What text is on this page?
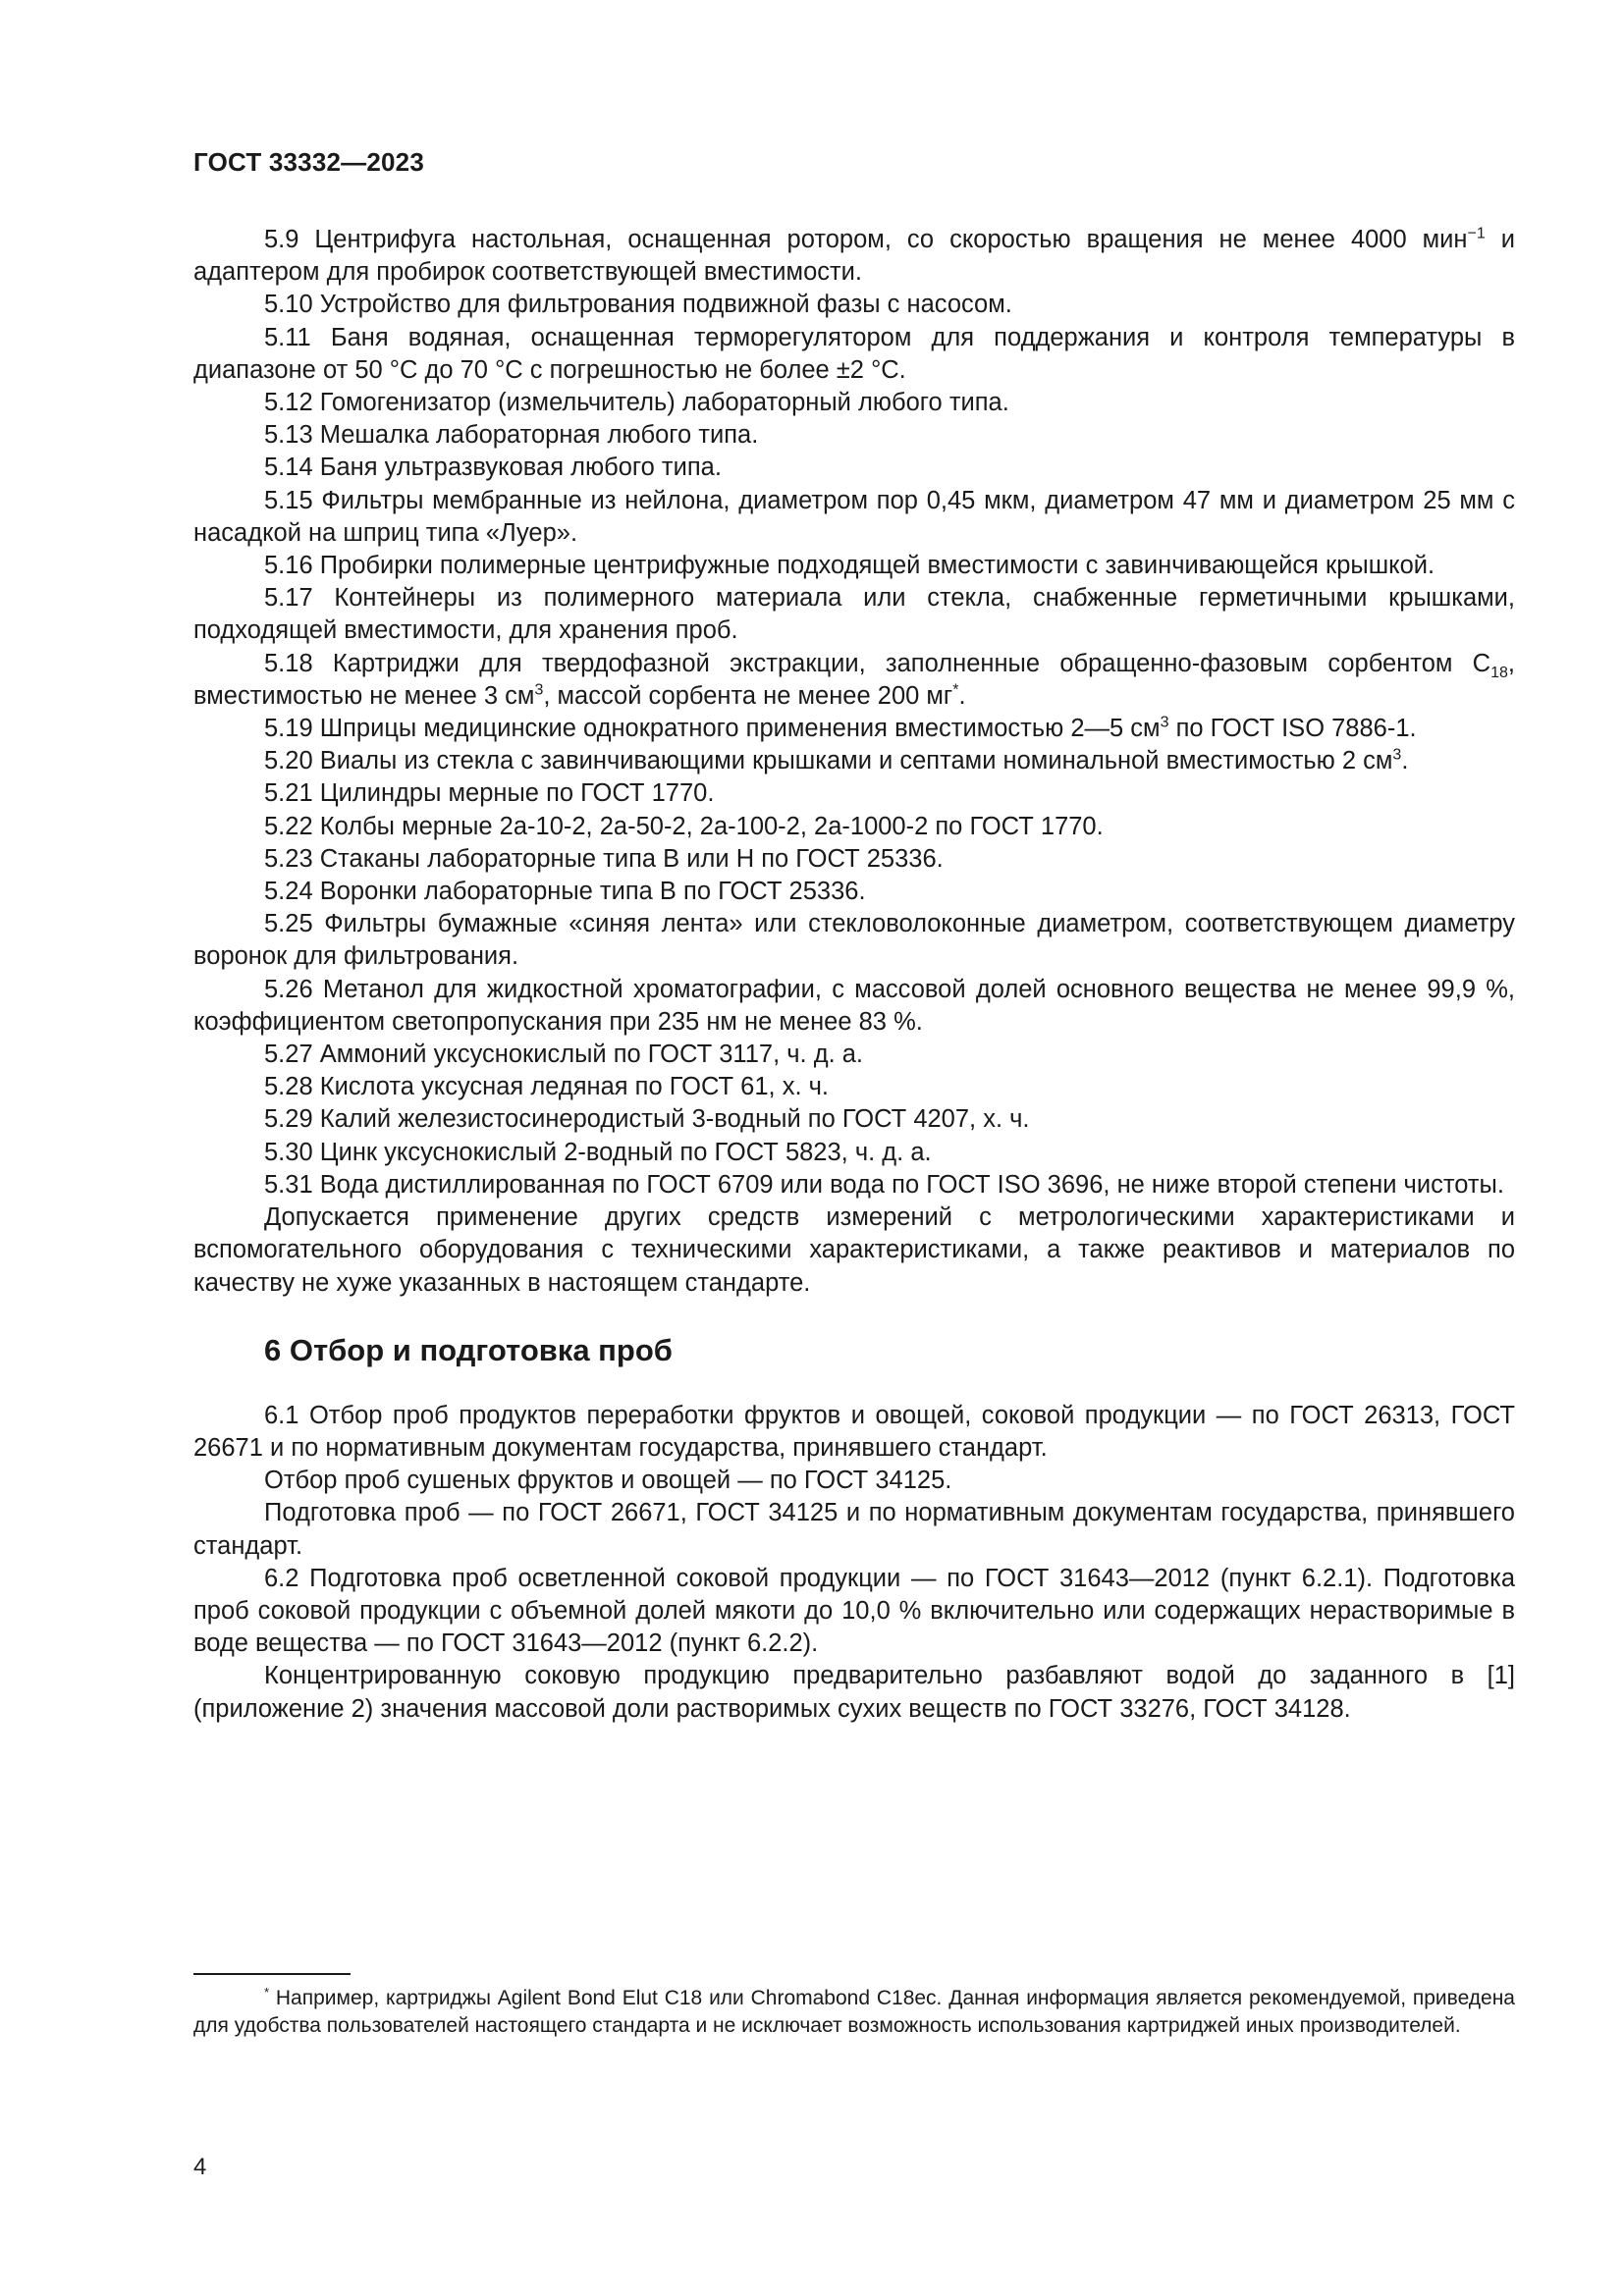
ГОСТ 33332—2023

5.9 Центрифуга настольная, оснащенная ротором, со скоростью вращения не менее 4000 мин$^{-1}$ и адаптером для пробирок соответствующей вместимости.

5.10 Устройство для фильтрования подвижной фазы с насосом.

5.11 Баня водяная, оснащенная терморегулятором для поддержания и контроля температуры в диапазоне от 50 °С до 70 °С с погрешностью не более ±2 °С.

5.12 Гомогенизатор (измельчитель) лабораторный любого типа.

5.13 Мешалка лабораторная любого типа.

5.14 Баня ультразвуковая любого типа.

5.15 Фильтры мембранные из нейлона, диаметром пор 0,45 мкм, диаметром 47 мм и диаметром 25 мм с насадкой на шприц типа «Луер».

5.16 Пробирки полимерные центрифужные подходящей вместимости с завинчивающейся крышкой.

5.17 Контейнеры из полимерного материала или стекла, снабженные герметичными крышками, подходящей вместимости, для хранения проб.

5.18 Картриджи для твердофазной экстракции, заполненные обращенно-фазовым сорбентом $С_{18}$, вместимостью не менее 3 $см^3$, массой сорбента не менее 200 мг*.

5.19 Шприцы медицинские однократного применения вместимостью 2—5 $см^3$ по ГОСТ ISO 7886-1.

5.20 Виалы из стекла с завинчивающими крышками и септами номинальной вместимостью 2 $см^3$.

5.21 Цилиндры мерные по ГОСТ 1770.

5.22 Колбы мерные 2а-10-2, 2а-50-2, 2а-100-2, 2а-1000-2 по ГОСТ 1770.

5.23 Стаканы лабораторные типа В или Н по ГОСТ 25336.

5.24 Воронки лабораторные типа В по ГОСТ 25336.

5.25 Фильтры бумажные «синяя лента» или стекловолоконные диаметром, соответствующем диаметру воронок для фильтрования.

5.26 Метанол для жидкостной хроматографии, с массовой долей основного вещества не менее 99,9 %, коэффициентом светопропускания при 235 нм не менее 83 %.

5.27 Аммоний уксуснокислый по ГОСТ 3117, ч. д. а.

5.28 Кислота уксусная ледяная по ГОСТ 61, х. ч.

5.29 Калий железистосинеродистый 3-водный по ГОСТ 4207, х. ч.

5.30 Цинк уксуснокислый 2-водный по ГОСТ 5823, ч. д. а.

5.31 Вода дистиллированная по ГОСТ 6709 или вода по ГОСТ ISO 3696, не ниже второй степени чистоты.

Допускается применение других средств измерений с метрологическими характеристиками и вспомогательного оборудования с техническими характеристиками, а также реактивов и материалов по качеству не хуже указанных в настоящем стандарте.

6 Отбор и подготовка проб

6.1 Отбор проб продуктов переработки фруктов и овощей, соковой продукции — по ГОСТ 26313, ГОСТ 26671 и по нормативным документам государства, принявшего стандарт.

Отбор проб сушеных фруктов и овощей — по ГОСТ 34125.

Подготовка проб — по ГОСТ 26671, ГОСТ 34125 и по нормативным документам государства, принявшего стандарт.

6.2 Подготовка проб осветленной соковой продукции — по ГОСТ 31643—2012 (пункт 6.2.1). Подготовка проб соковой продукции с объемной долей мякоти до 10,0 % включительно или содержащих нерастворимые в воде вещества — по ГОСТ 31643—2012 (пункт 6.2.2).

Концентрированную соковую продукцию предварительно разбавляют водой до заданного в [1] (приложение 2) значения массовой доли растворимых сухих веществ по ГОСТ 33276, ГОСТ 34128.

* Например, картриджы Agilent Bond Elut C18 или Chromabond C18ec. Данная информация является рекомендуемой, приведена для удобства пользователей настоящего стандарта и не исключает возможность использования картриджей иных производителей.
4
